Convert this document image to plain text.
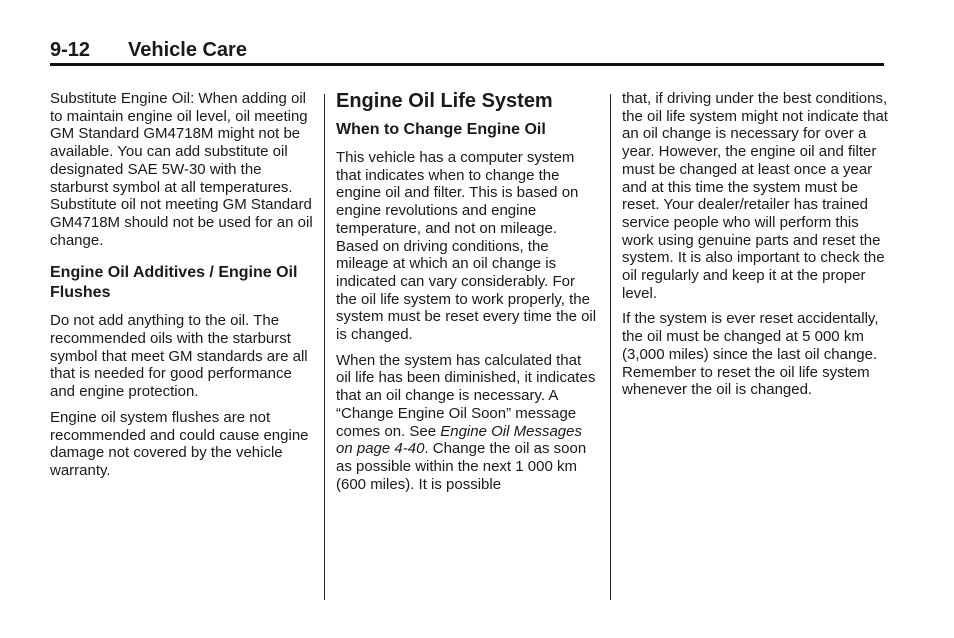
9-12 Vehicle Care

Substitute Engine Oil: When adding oil to maintain engine oil level, oil meeting GM Standard GM4718M might not be available. You can add substitute oil designated SAE 5W-30 with the starburst symbol at all temperatures. Substitute oil not meeting GM Standard GM4718M should not be used for an oil change.

Engine Oil Additives / Engine Oil Flushes

Do not add anything to the oil. The recommended oils with the starburst symbol that meet GM standards are all that is needed for good performance and engine protection.

Engine oil system flushes are not recommended and could cause engine damage not covered by the vehicle warranty.

Engine Oil Life System
When to Change Engine Oil

This vehicle has a computer system that indicates when to change the engine oil and filter. This is based on engine revolutions and engine temperature, and not on mileage. Based on driving conditions, the mileage at which an oil change is indicated can vary considerably. For the oil life system to work properly, the system must be reset every time the oil is changed.

When the system has calculated that oil life has been diminished, it indicates that an oil change is necessary. A “Change Engine Oil Soon” message comes on. See Engine Oil Messages on page 4-40. Change the oil as soon as possible within the next 1 000 km (600 miles). It is possible

that, if driving under the best conditions, the oil life system might not indicate that an oil change is necessary for over a year. However, the engine oil and filter must be changed at least once a year and at this time the system must be reset. Your dealer/retailer has trained service people who will perform this work using genuine parts and reset the system. It is also important to check the oil regularly and keep it at the proper level.

If the system is ever reset accidentally, the oil must be changed at 5 000 km (3,000 miles) since the last oil change. Remember to reset the oil life system whenever the oil is changed.
